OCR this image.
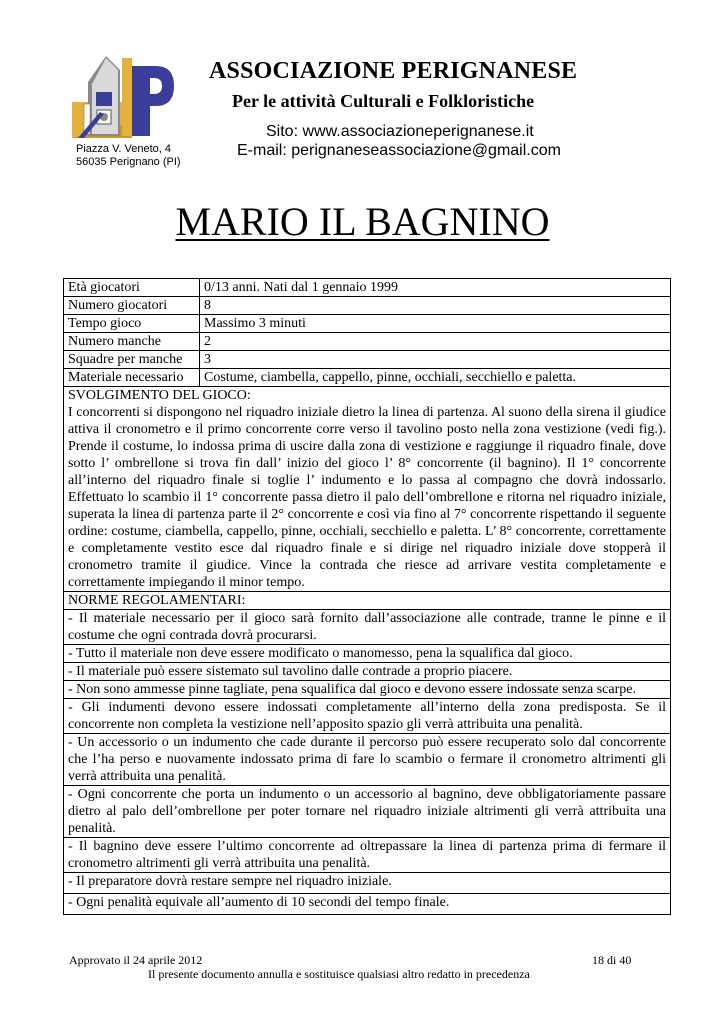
Piazza V. Veneto, 4
56035 Perignano (PI)
ASSOCIAZIONE PERIGNANESE
Per le attività Culturali e Folkloristiche
Sito: www.associazioneperignanese.it
E-mail: perignaneseassociazione@gmail.com
MARIO IL BAGNINO
Età giocatori	0/13 anni. Nati dal 1 gennaio 1999
Numero giocatori	8
Tempo gioco	Massimo 3 minuti
Numero manche	2
Squadre per manche	3
Materiale necessario	Costume, ciambella, cappello, pinne, occhiali, secchiello e paletta.

SVOLGIMENTO DEL GIOCO:
I concorrenti si dispongono nel riquadro iniziale dietro la linea di partenza. Al suono della sirena il giudice attiva il cronometro e il primo concorrente corre verso il tavolino posto nella zona vestizione (vedi fig.). Prende il costume, lo indossa prima di uscire dalla zona di vestizione e raggiunge il riquadro finale, dove sotto l’ ombrellone si trova fin dall’ inizio del gioco l’ 8° concorrente (il bagnino). Il 1° concorrente all’interno del riquadro finale si toglie l’ indumento e lo passa al compagno che dovrà indossarlo. Effettuato lo scambio il 1° concorrente passa dietro il palo dell’ombrellone e ritorna nel riquadro iniziale, superata la linea di partenza parte il 2° concorrente e così via fino al 7° concorrente rispettando il seguente ordine: costume, ciambella, cappello, pinne, occhiali, secchiello e paletta. L’ 8° concorrente, correttamente e completamente vestito esce dal riquadro finale e si dirige nel riquadro iniziale dove stopperà il cronometro tramite il giudice. Vince la contrada che riesce ad arrivare vestita completamente e correttamente impiegando il minor tempo.	

NORME REGOLAMENTARI:	
- Il materiale necessario per il gioco sarà fornito dall’associazione alle contrade, tranne le pinne e il costume che ogni contrada dovrà procurarsi.	
- Tutto il materiale non deve essere modificato o manomesso, pena la squalifica dal gioco.	
- Il materiale può essere sistemato sul tavolino dalle contrade a proprio piacere.	
- Non sono ammesse pinne tagliate, pena squalifica dal gioco e devono essere indossate senza scarpe.	
- Gli indumenti devono essere indossati completamente all’interno della zona predisposta. Se il concorrente non completa la vestizione nell’apposito spazio gli verrà attribuita una penalità.	
- Un accessorio o un indumento che cade durante il percorso può essere recuperato solo dal concorrente che l’ha perso e nuovamente indossato prima di fare lo scambio o fermare il cronometro altrimenti gli verrà attribuita una penalità.	
- Ogni concorrente che porta un indumento o un accessorio al bagnino, deve obbligatoriamente passare dietro al palo dell’ombrellone per poter tornare nel riquadro iniziale altrimenti gli verrà attribuita una penalità.	
- Il bagnino deve essere l’ultimo concorrente ad oltrepassare la linea di partenza prima di fermare il cronometro altrimenti gli verrà attribuita una penalità.	
- Il preparatore dovrà restare sempre nel riquadro iniziale.	
- Ogni penalità equivale all’aumento di 10 secondi del tempo finale.	
Approvato il 24 aprile 2012	18 di 40
Il presente documento annulla e sostituisce qualsiasi altro redatto in precedenza
